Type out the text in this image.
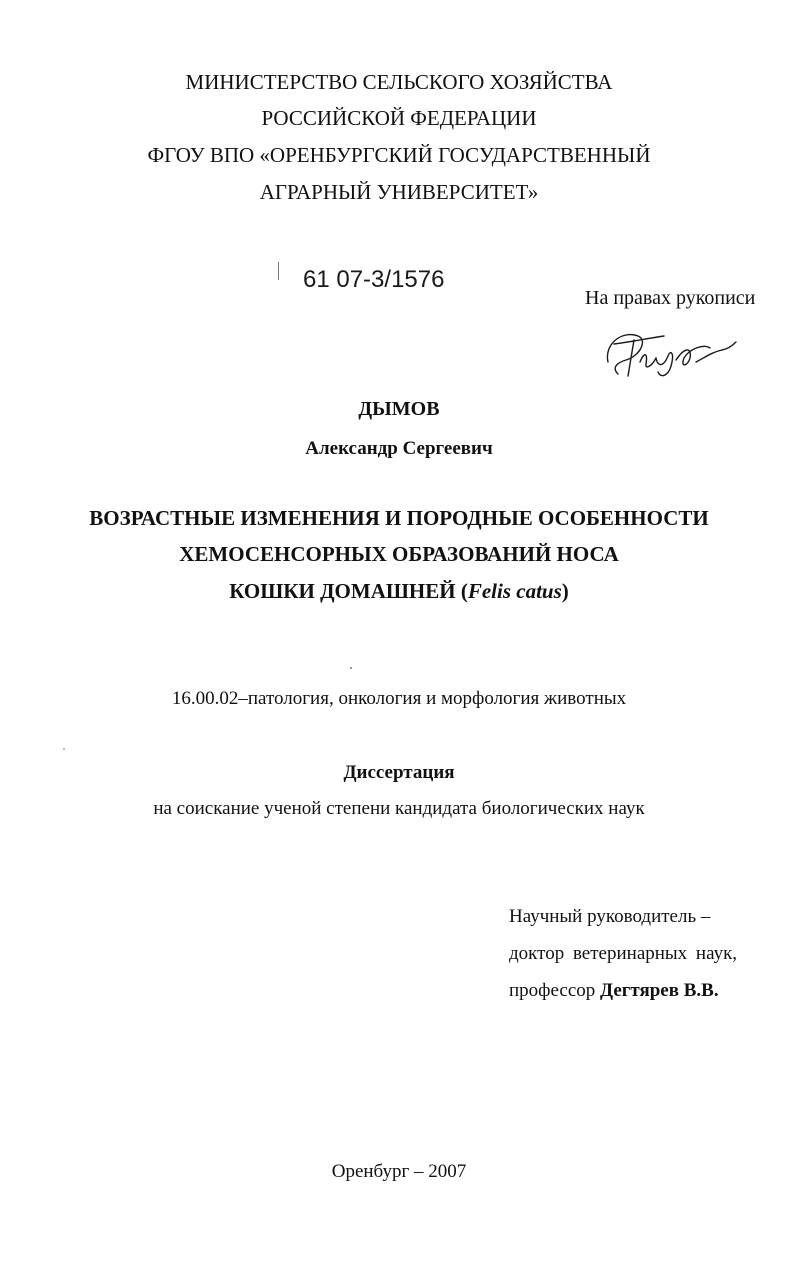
МИНИСТЕРСТВО СЕЛЬСКОГО ХОЗЯЙСТВА
РОССИЙСКОЙ ФЕДЕРАЦИИ
ФГОУ ВПО «ОРЕНБУРГСКИЙ ГОСУДАРСТВЕННЫЙ
АГРАРНЫЙ УНИВЕРСИТЕТ»
61 07-3/1576
На правах рукописи
ДЫМОВ
Александр Сергеевич
ВОЗРАСТНЫЕ ИЗМЕНЕНИЯ И ПОРОДНЫЕ ОСОБЕННОСТИ
ХЕМОСЕНСОРНЫХ ОБРАЗОВАНИЙ НОСА
КОШКИ ДОМАШНЕЙ (Felis catus)
16.00.02–патология, онкология и морфология животных
Диссертация
на соискание ученой степени кандидата биологических наук
Научный руководитель –
доктор ветеринарных наук,
профессор Дегтярев В.В.
Оренбург – 2007
